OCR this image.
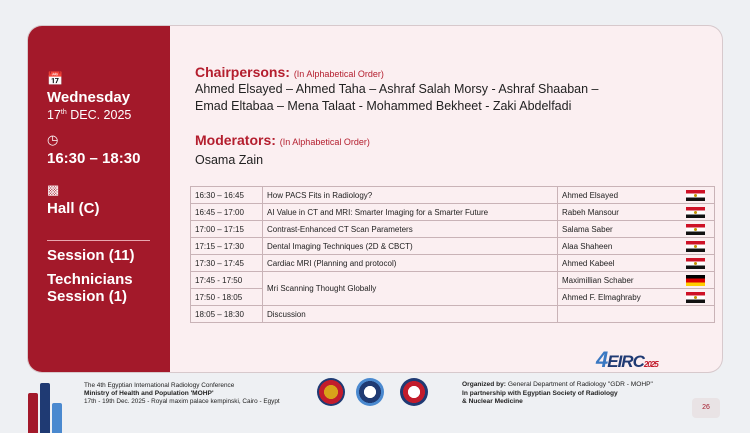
📅
Wednesday
17th DEC. 2025
◷
16:30 – 18:30
▩
Hall (C)
Session (11)
Technicians Session (1)
Chairpersons: (In Alphabetical Order)
Ahmed Elsayed – Ahmed Taha – Ashraf Salah Morsy - Ashraf Shaaban –
Emad Eltabaa – Mena Talaat - Mohammed Bekheet - Zaki Abdelfadi
Moderators: (In Alphabetical Order)
Osama Zain
16:30 – 16:45	How PACS Fits in Radiology?	Ahmed Elsayed	
16:45 – 17:00	AI Value in CT and MRI: Smarter Imaging for a Smarter Future	Rabeh Mansour	
17:00 – 17:15	Contrast-Enhanced CT Scan Parameters	Salama Saber	
17:15 – 17:30	Dental Imaging Techniques (2D & CBCT)	Alaa Shaheen	
17:30 – 17:45	Cardiac MRI (Planning and protocol)	Ahmed Kabeel	
17:45 - 17:50	Mri Scanning Thought Globally	Maximillian Schaber	
17:50 - 18:05		Ahmed F. Elmaghraby	
18:05 – 18:30	Discussion		
4EIRC2025
The 4th Egyptian International Radiology Conference
Ministry of Health and Population 'MOHP'
17th - 19th Dec. 2025 - Royal maxim palace kempinski, Cairo - Egypt
Organized by: General Department of Radiology "GDR - MOHP"
In partnership with Egyptian Society of Radiology
& Nuclear Medicine
26
